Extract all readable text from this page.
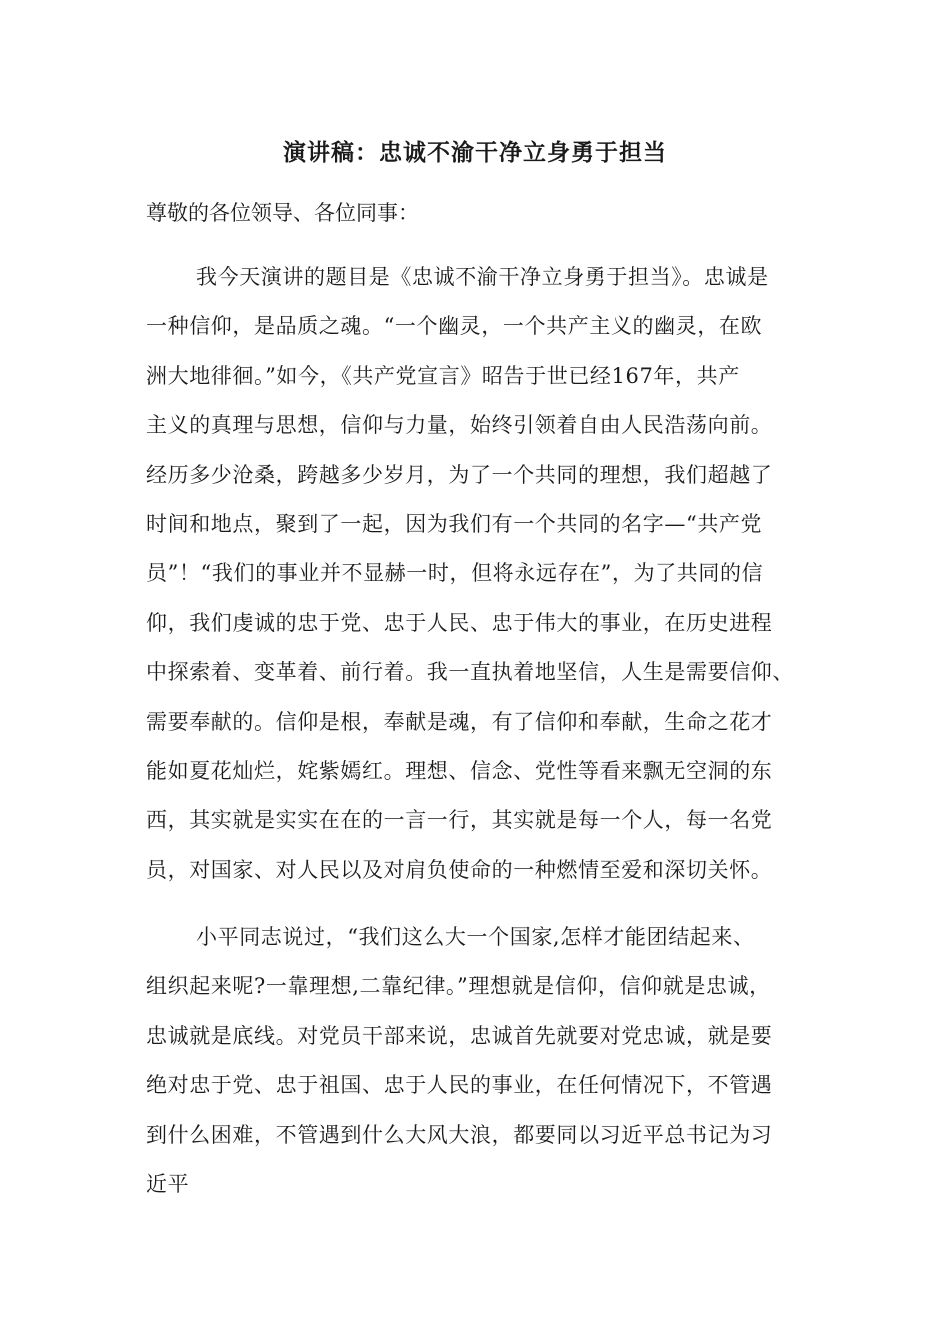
演讲稿：忠诚不渝干净立身勇于担当

尊敬的各位领导、各位同事：

我今天演讲的题目是《忠诚不渝干净立身勇于担当》。忠诚是
一种信仰，是品质之魂。“一个幽灵，一个共产主义的幽灵，在欧
洲大地徘徊。”如今，《共产党宣言》昭告于世已经167年，共产
主义的真理与思想，信仰与力量，始终引领着自由人民浩荡向前。
经历多少沧桑，跨越多少岁月，为了一个共同的理想，我们超越了
时间和地点，聚到了一起，因为我们有一个共同的名字—“共产党
员”！“我们的事业并不显赫一时，但将永远存在”，为了共同的信
仰，我们虔诚的忠于党、忠于人民、忠于伟大的事业，在历史进程
中探索着、变革着、前行着。我一直执着地坚信，人生是需要信仰、
需要奉献的。信仰是根，奉献是魂，有了信仰和奉献，生命之花才
能如夏花灿烂，姹紫嫣红。理想、信念、党性等看来飘无空洞的东
西，其实就是实实在在的一言一行，其实就是每一个人，每一名党
员，对国家、对人民以及对肩负使命的一种燃情至爱和深切关怀。
小平同志说过，“我们这么大一个国家,怎样才能团结起来、
组织起来呢?一靠理想,二靠纪律。”理想就是信仰，信仰就是忠诚，
忠诚就是底线。对党员干部来说，忠诚首先就要对党忠诚，就是要
绝对忠于党、忠于祖国、忠于人民的事业，在任何情况下，不管遇
到什么困难，不管遇到什么大风大浪，都要同以习近平总书记为习
近平
